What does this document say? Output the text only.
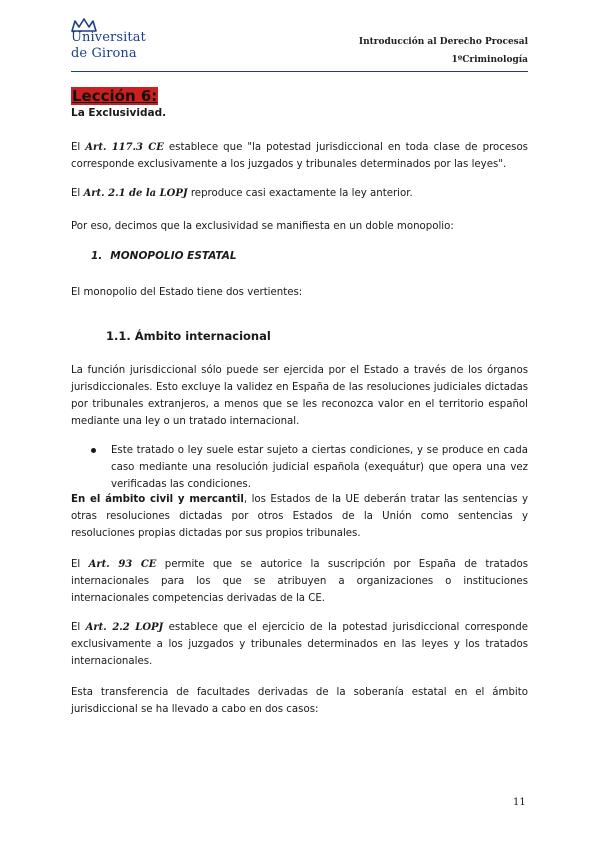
Universitat
de Girona
Introducción al Derecho Procesal
1ºCriminología
Lección 6:
La Exclusividad.
El Art. 117.3 CE establece que "la potestad jurisdiccional en toda clase de procesos corresponde exclusivamente a los juzgados y tribunales determinados por las leyes".
El Art. 2.1 de la LOPJ reproduce casi exactamente la ley anterior.
Por eso, decimos que la exclusividad se manifiesta en un doble monopolio:
1. MONOPOLIO ESTATAL
El monopolio del Estado tiene dos vertientes:
1.1. Ámbito internacional
La función jurisdiccional sólo puede ser ejercida por el Estado a través de los órganos jurisdiccionales. Esto excluye la validez en España de las resoluciones judiciales dictadas por tribunales extranjeros, a menos que se les reconozca valor en el territorio español mediante una ley o un tratado internacional.
Este tratado o ley suele estar sujeto a ciertas condiciones, y se produce en cada caso mediante una resolución judicial española (exequátur) que opera una vez verificadas las condiciones.
En el ámbito civil y mercantil, los Estados de la UE deberán tratar las sentencias y otras resoluciones dictadas por otros Estados de la Unión como sentencias y resoluciones propias dictadas por sus propios tribunales.
El Art. 93 CE permite que se autorice la suscripción por España de tratados internacionales para los que se atribuyen a organizaciones o instituciones internacionales competencias derivadas de la CE.
El Art. 2.2 LOPJ establece que el ejercicio de la potestad jurisdiccional corresponde exclusivamente a los juzgados y tribunales determinados en las leyes y los tratados internacionales.
Esta transferencia de facultades derivadas de la soberanía estatal en el ámbito jurisdiccional se ha llevado a cabo en dos casos:
11
